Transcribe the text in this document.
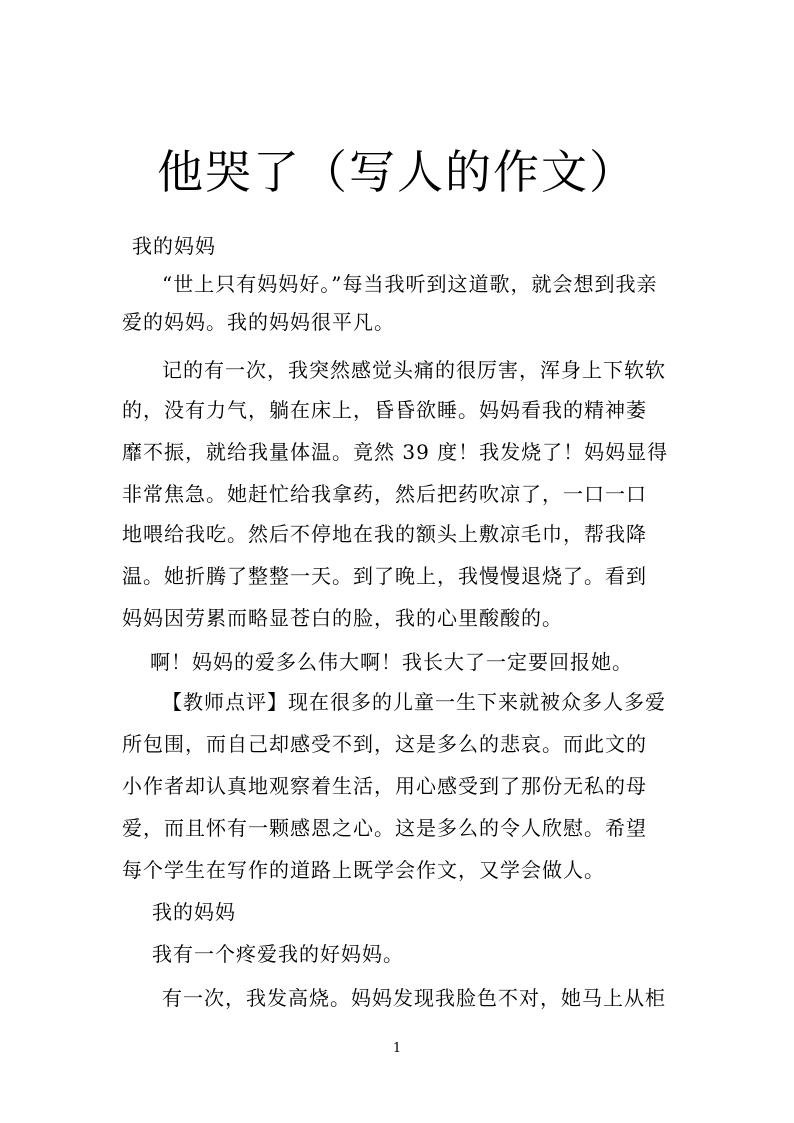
他哭了（写人的作文）
我的妈妈
“世上只有妈妈好。”每当我听到这道歌，就会想到我亲
爱的妈妈。我的妈妈很平凡。
记的有一次，我突然感觉头痛的很厉害，浑身上下软软
的，没有力气，躺在床上，昏昏欲睡。妈妈看我的精神萎
靡不振，就给我量体温。竟然 39 度！我发烧了！妈妈显得
非常焦急。她赶忙给我拿药，然后把药吹凉了，一口一口
地喂给我吃。然后不停地在我的额头上敷凉毛巾，帮我降
温。她折腾了整整一天。到了晚上，我慢慢退烧了。看到
妈妈因劳累而略显苍白的脸，我的心里酸酸的。
啊！妈妈的爱多么伟大啊！我长大了一定要回报她。
【教师点评】现在很多的儿童一生下来就被众多人多爱
所包围，而自己却感受不到，这是多么的悲哀。而此文的
小作者却认真地观察着生活，用心感受到了那份无私的母
爱，而且怀有一颗感恩之心。这是多么的令人欣慰。希望
每个学生在写作的道路上既学会作文，又学会做人。
我的妈妈
我有一个疼爱我的好妈妈。
有一次，我发高烧。妈妈发现我脸色不对，她马上从柜
1
